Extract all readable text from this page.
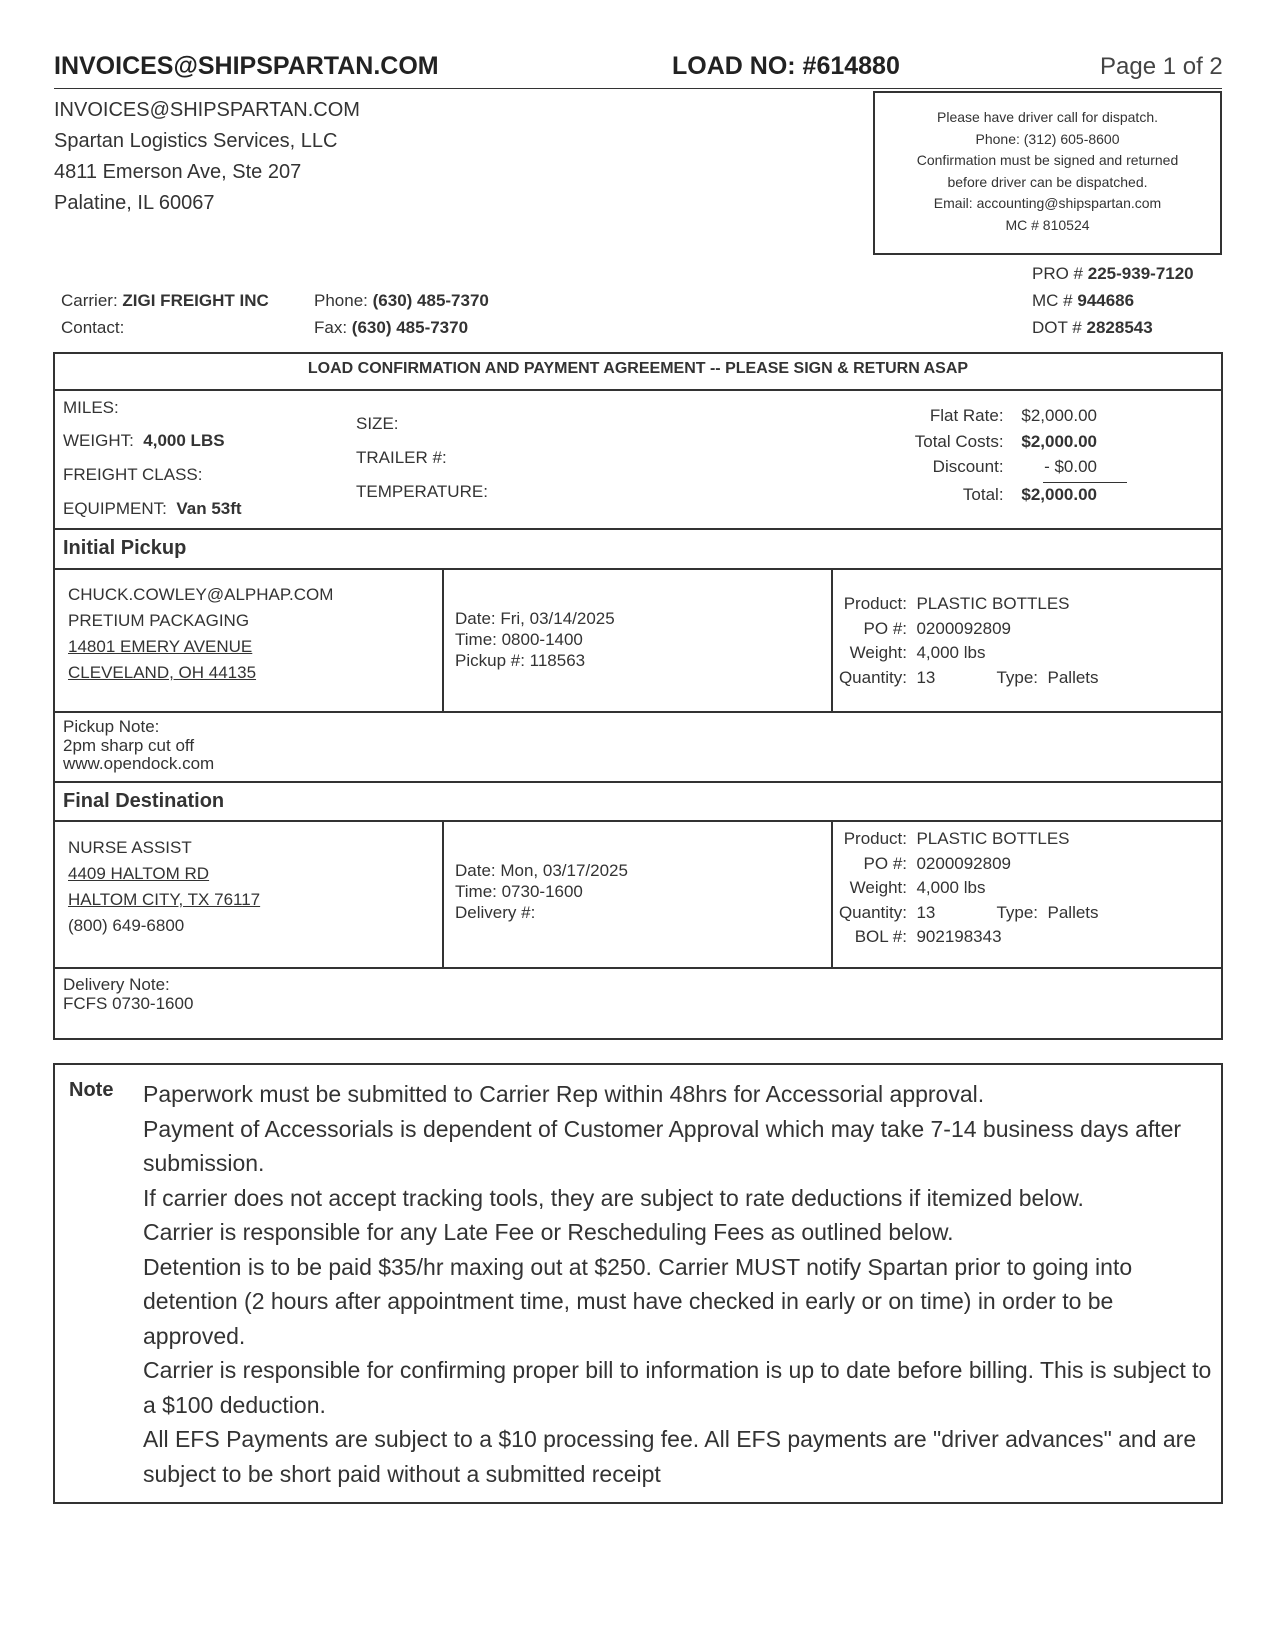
INVOICES@SHIPSPARTAN.COM	LOAD NO: #614880	Page 1 of 2
INVOICES@SHIPSPARTAN.COM
Spartan Logistics Services, LLC
4811 Emerson Ave, Ste 207
Palatine, IL 60067
Please have driver call for dispatch.
Phone: (312) 605-8600
Confirmation must be signed and returned
before driver can be dispatched.
Email: accounting@shipspartan.com
MC # 810524
PRO # 225-939-7120
MC # 944686
DOT # 2828543
Carrier: ZIGI FREIGHT INC
Contact:
Phone: (630) 485-7370
Fax: (630) 485-7370
LOAD CONFIRMATION AND PAYMENT AGREEMENT -- PLEASE SIGN & RETURN ASAP
MILES:
WEIGHT: 4,000 LBS
FREIGHT CLASS:
EQUIPMENT: Van 53ft
SIZE:
TRAILER #:
TEMPERATURE:
Flat Rate: $2,000.00
Total Costs: $2,000.00
Discount: - $0.00
Total: $2,000.00
Initial Pickup
CHUCK.COWLEY@ALPHAP.COM
PRETIUM PACKAGING
14801 EMERY AVENUE
CLEVELAND, OH 44135
Date: Fri, 03/14/2025
Time: 0800-1400
Pickup #: 118563
Product: PLASTIC BOTTLES
PO #: 0200092809
Weight: 4,000 lbs
Quantity: 13	Type: Pallets
Pickup Note:
2pm sharp cut off
www.opendock.com
Final Destination
NURSE ASSIST
4409 HALTOM RD
HALTOM CITY, TX 76117
(800) 649-6800
Date: Mon, 03/17/2025
Time: 0730-1600
Delivery #:
Product: PLASTIC BOTTLES
PO #: 0200092809
Weight: 4,000 lbs
Quantity: 13	Type: Pallets
BOL #: 902198343
Delivery Note:
FCFS 0730-1600
Note Paperwork must be submitted to Carrier Rep within 48hrs for Accessorial approval.
Payment of Accessorials is dependent of Customer Approval which may take 7-14 business days after submission.
If carrier does not accept tracking tools, they are subject to rate deductions if itemized below.
Carrier is responsible for any Late Fee or Rescheduling Fees as outlined below.
Detention is to be paid $35/hr maxing out at $250. Carrier MUST notify Spartan prior to going into detention (2 hours after appointment time, must have checked in early or on time) in order to be approved.
Carrier is responsible for confirming proper bill to information is up to date before billing. This is subject to a $100 deduction.
All EFS Payments are subject to a $10 processing fee. All EFS payments are "driver advances" and are subject to be short paid without a submitted receipt
